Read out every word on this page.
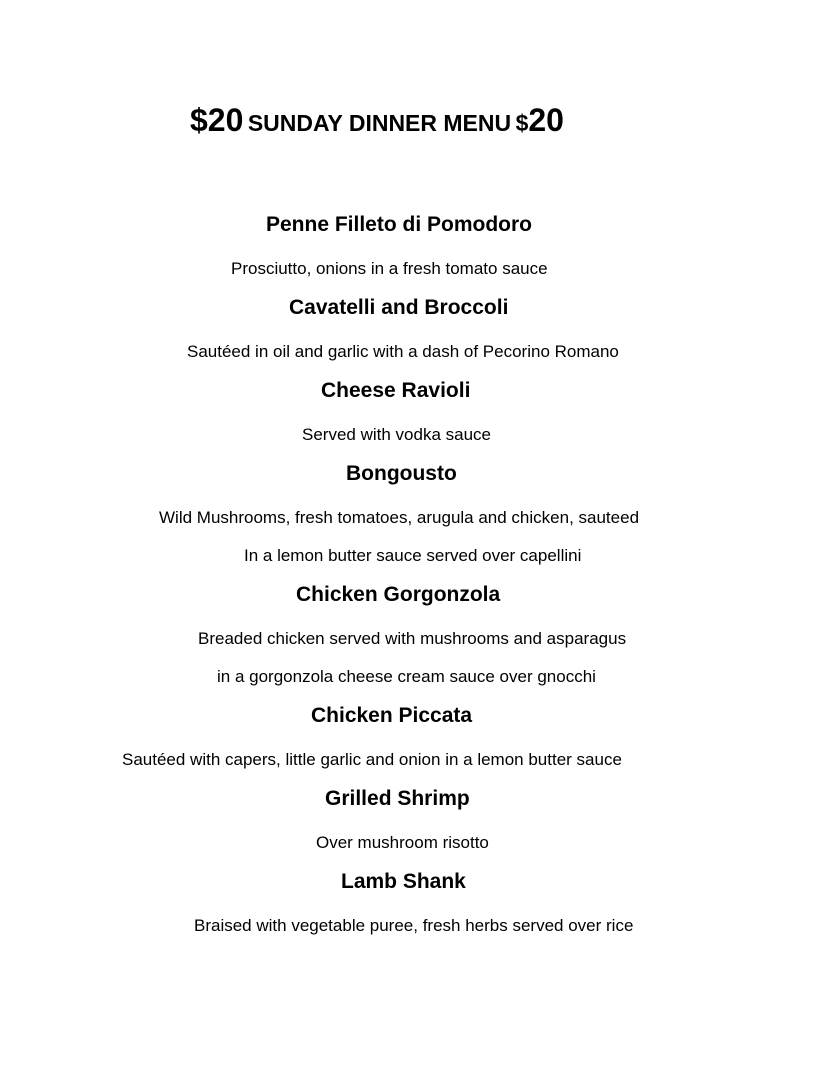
$20 SUNDAY DINNER MENU $20
Penne Filleto di Pomodoro
Prosciutto, onions in a fresh tomato sauce
Cavatelli and Broccoli
Sautéed in oil and garlic with a dash of Pecorino Romano
Cheese Ravioli
Served with vodka sauce
Bongousto
Wild Mushrooms, fresh tomatoes, arugula and chicken, sauteed
In a lemon butter sauce served over capellini
Chicken Gorgonzola
Breaded chicken served with mushrooms and asparagus
in a gorgonzola cheese cream sauce over gnocchi
Chicken Piccata
Sautéed with capers, little garlic and onion in a lemon butter sauce
Grilled Shrimp
Over mushroom risotto
Lamb Shank
Braised with vegetable puree, fresh herbs served over rice
